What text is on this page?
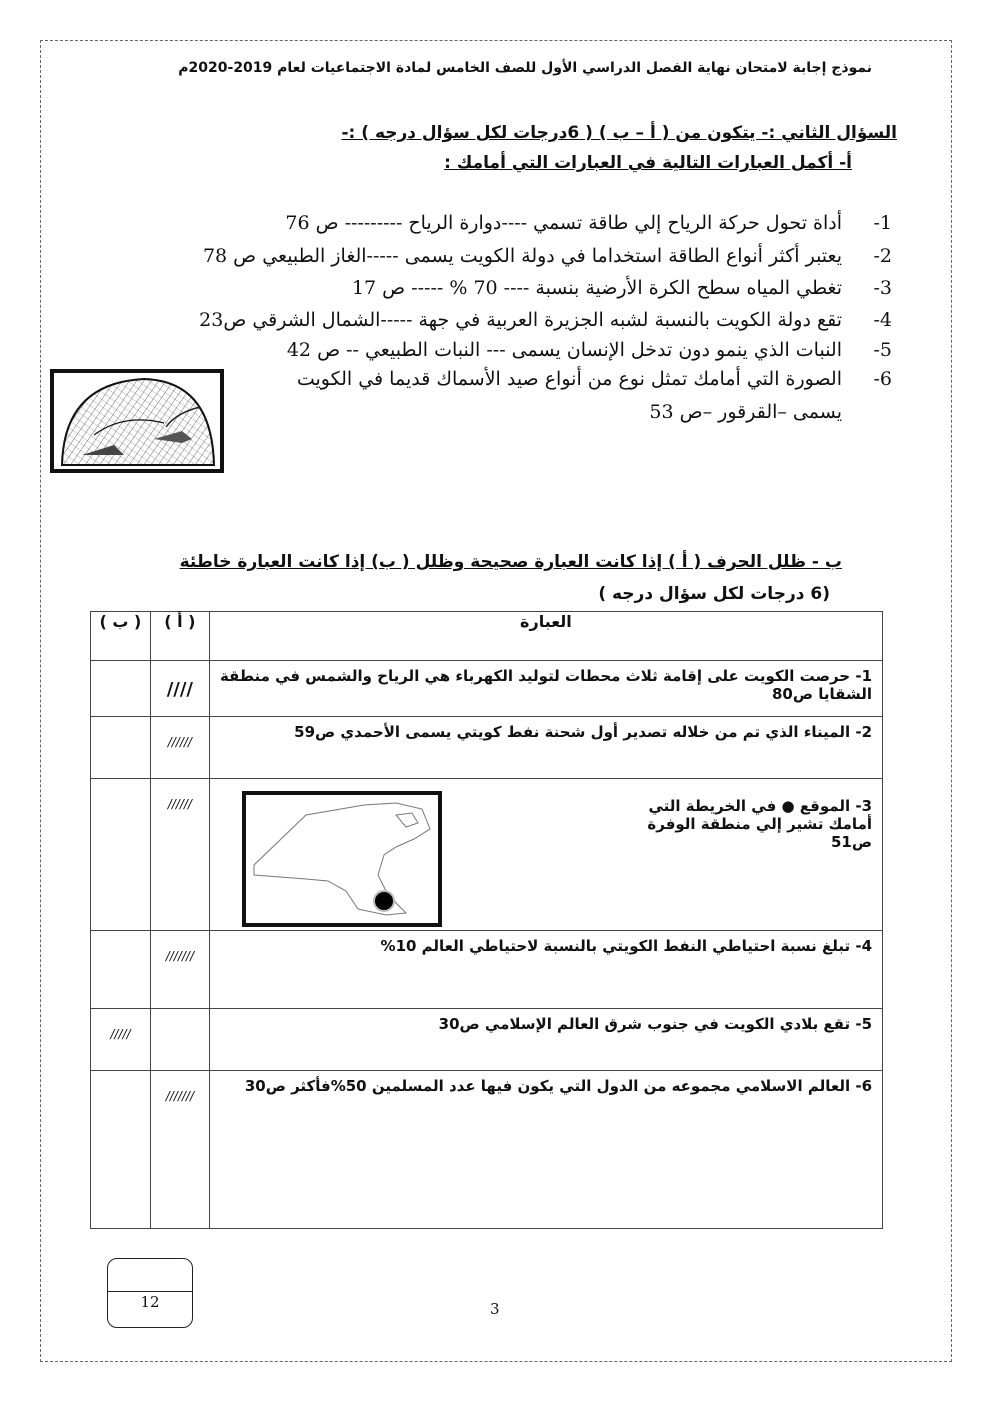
نموذج إجابة لامتحان نهاية الفصل الدراسي الأول للصف الخامس لمادة الاجتماعيات لعام 2019-2020م
السؤال الثاني :- يتكون من ( أ – ب ) ( 6درجات لكل سؤال درجه ) :-
أ- أكمل العبارات التالية في العبارات التي أمامك :
1-
أداة تحول حركة الرياح إلي طاقة تسمي ----دوارة الرياح --------- ص 76
2-
يعتبر أكثر أنواع الطاقة استخداما في دولة الكويت يسمى -----الغاز الطبيعي ص 78
3-
تغطي المياه سطح الكرة الأرضية بنسبة ---- 70 % ----- ص 17
4-
تقع دولة الكويت بالنسبة لشبه الجزيرة العربية في جهة -----الشمال الشرقي ص23
5-
النبات الذي ينمو دون تدخل الإنسان يسمى --- النبات الطبيعي -- ص 42
6-
الصورة التي أمامك تمثل نوع من أنواع صيد الأسماك قديما في الكويت
يسمى –القرقور –ص 53
ب - ظلل الحرف ( أ ) إذا كانت العبارة صحيحة وظلل ( ب) إذا كانت العبارة خاطئة
(6 درجات لكل سؤال درجه )
العبارة	( أ )	( ب )
1- حرصت الكويت على إقامة ثلاث محطات لتوليد الكهرباء هي الرياح والشمس في منطقة الشقايا ص80	////	
2- الميناء الذي تم من خلاله تصدير أول شحنة نفط كويتي يسمى الأحمدي ص59	//////	

3- الموقع ● في الخريطة التي أمامك تشير إلي منطقة الوفرة ص51	//////	
4- تبلغ نسبة احتياطي النفط الكويتي بالنسبة لاحتياطي العالم 10%	///////	
5- تقع بلادي الكويت في جنوب شرق العالم الإسلامي ص30		/////
6- العالم الاسلامي مجموعه من الدول التي يكون فيها عدد المسلمين 50%فأكثر ص30	///////	
12	3
